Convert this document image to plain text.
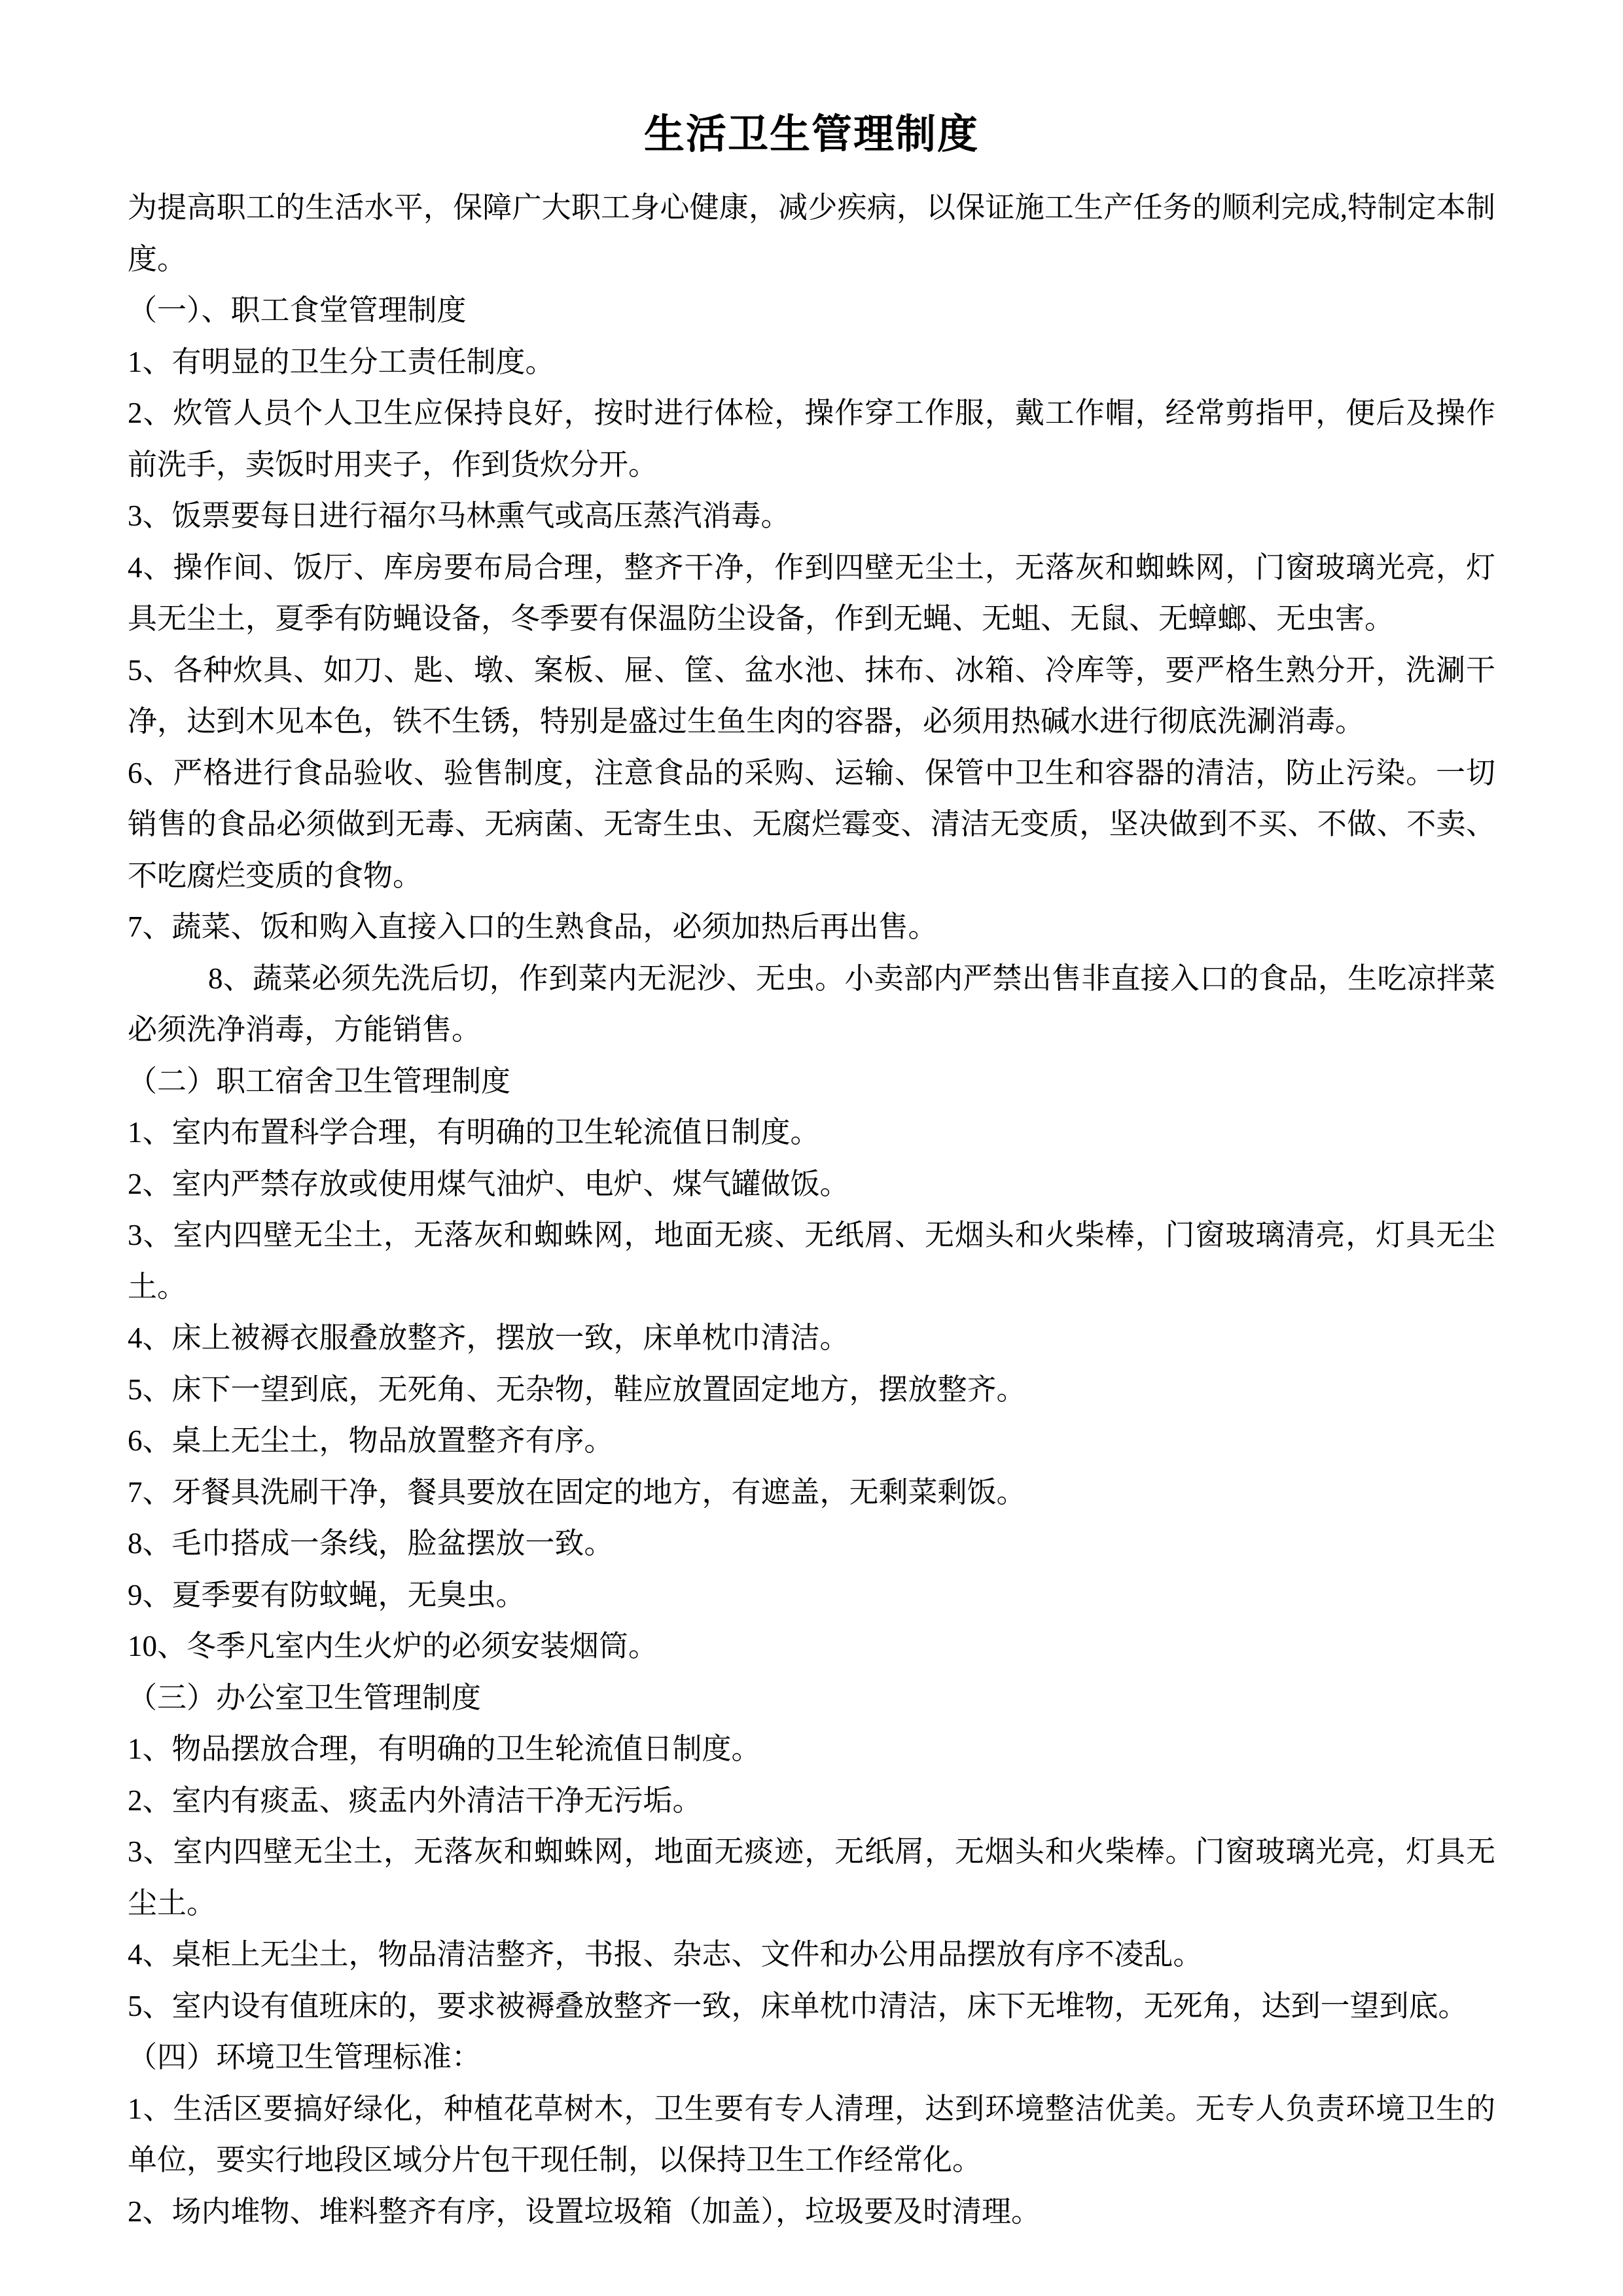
生活卫生管理制度

为提高职工的生活水平，保障广大职工身心健康，减少疾病，以保证施工生产任务的顺利完成,特制定本制度。

（一）、职工食堂管理制度

1、有明显的卫生分工责任制度。

2、炊管人员个人卫生应保持良好，按时进行体检，操作穿工作服，戴工作帽，经常剪指甲，便后及操作前洗手，卖饭时用夹子，作到货炊分开。

3、饭票要每日进行福尔马林熏气或高压蒸汽消毒。

4、操作间、饭厅、库房要布局合理，整齐干净，作到四壁无尘土，无落灰和蜘蛛网，门窗玻璃光亮，灯具无尘土，夏季有防蝇设备，冬季要有保温防尘设备，作到无蝇、无蛆、无鼠、无蟑螂、无虫害。

5、各种炊具、如刀、匙、墩、案板、屉、筐、盆水池、抹布、冰箱、冷库等，要严格生熟分开，洗涮干净，达到木见本色，铁不生锈，特别是盛过生鱼生肉的容器，必须用热碱水进行彻底洗涮消毒。

6、严格进行食品验收、验售制度，注意食品的采购、运输、保管中卫生和容器的清洁，防止污染。一切销售的食品必须做到无毒、无病菌、无寄生虫、无腐烂霉变、清洁无变质，坚决做到不买、不做、不卖、不吃腐烂变质的食物。

7、蔬菜、饭和购入直接入口的生熟食品，必须加热后再出售。

8、蔬菜必须先洗后切，作到菜内无泥沙、无虫。小卖部内严禁出售非直接入口的食品，生吃凉拌菜必须洗净消毒，方能销售。

（二）职工宿舍卫生管理制度

1、室内布置科学合理，有明确的卫生轮流值日制度。

2、室内严禁存放或使用煤气油炉、电炉、煤气罐做饭。

3、室内四壁无尘土，无落灰和蜘蛛网，地面无痰、无纸屑、无烟头和火柴棒，门窗玻璃清亮，灯具无尘土。

4、床上被褥衣服叠放整齐，摆放一致，床单枕巾清洁。

5、床下一望到底，无死角、无杂物，鞋应放置固定地方，摆放整齐。

6、桌上无尘土，物品放置整齐有序。

7、牙餐具洗刷干净，餐具要放在固定的地方，有遮盖，无剩菜剩饭。

8、毛巾搭成一条线，脸盆摆放一致。

9、夏季要有防蚊蝇，无臭虫。

10、冬季凡室内生火炉的必须安装烟筒。

（三）办公室卫生管理制度

1、物品摆放合理，有明确的卫生轮流值日制度。

2、室内有痰盂、痰盂内外清洁干净无污垢。

3、室内四壁无尘土，无落灰和蜘蛛网，地面无痰迹，无纸屑，无烟头和火柴棒。门窗玻璃光亮，灯具无尘土。

4、桌柜上无尘土，物品清洁整齐，书报、杂志、文件和办公用品摆放有序不凌乱。

5、室内设有值班床的，要求被褥叠放整齐一致，床单枕巾清洁，床下无堆物，无死角，达到一望到底。

（四）环境卫生管理标准：

1、生活区要搞好绿化，种植花草树木，卫生要有专人清理，达到环境整洁优美。无专人负责环境卫生的单位，要实行地段区域分片包干现任制，以保持卫生工作经常化。

2、场内堆物、堆料整齐有序，设置垃圾箱（加盖），垃圾要及时清理。
